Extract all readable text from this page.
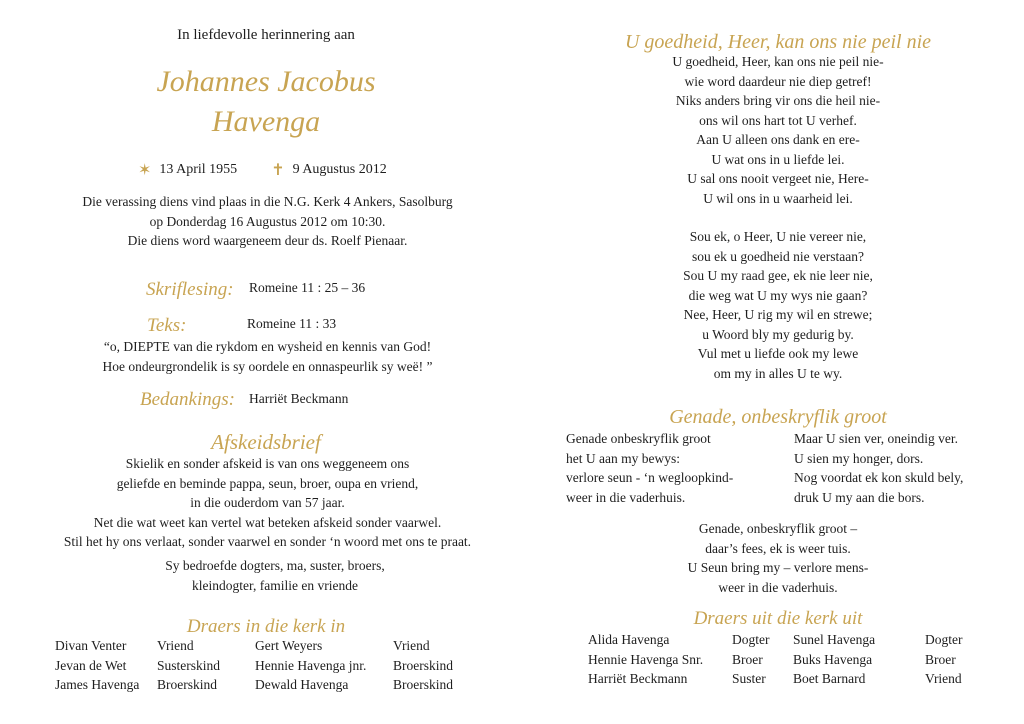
In liefdevolle herinnering aan
Johannes Jacobus
Havenga
✶ 13 April 1955 ✝ 9 Augustus 2012
Die verassing diens vind plaas in die N.G. Kerk 4 Ankers, Sasolburg
op Donderdag 16 Augustus 2012 om 10:30.
Die diens word waargeneem deur ds. Roelf Pienaar.
Skriflesing: Romeine 11 : 25 – 36
Teks:	Romeine 11 : 33
“o, DIEPTE van die rykdom en wysheid en kennis van God!
Hoe ondeurgrondelik is sy oordele en onnaspeurlik sy weë! ”
Bedankings: Harriët Beckmann
Afskeidsbrief
Skielik en sonder afskeid is van ons weggeneem ons
geliefde en beminde pappa, seun, broer, oupa en vriend,
in die ouderdom van 57 jaar.
Net die wat weet kan vertel wat beteken afskeid sonder vaarwel.
Stil het hy ons verlaat, sonder vaarwel en sonder ‘n woord met ons te praat.
Sy bedroefde dogters, ma, suster, broers,
kleindogter, familie en vriende
Draers in die kerk in
Divan Venter	Vriend	Gert Weyers	Vriend
Jevan de Wet	Susterskind	Hennie Havenga jnr.	Broerskind
James Havenga	Broerskind	Dewald Havenga	Broerskind
U goedheid, Heer, kan ons nie peil nie
U goedheid, Heer, kan ons nie peil nie-
wie word daardeur nie diep getref!
Niks anders bring vir ons die heil nie-
ons wil ons hart tot U verhef.
Aan U alleen ons dank en ere-
U wat ons in u liefde lei.
U sal ons nooit vergeet nie, Here-
U wil ons in u waarheid lei.
Sou ek, o Heer, U nie vereer nie,
sou ek u goedheid nie verstaan?
Sou U my raad gee, ek nie leer nie,
die weg wat U my wys nie gaan?
Nee, Heer, U rig my wil en strewe;
u Woord bly my gedurig by.
Vul met u liefde ook my lewe
om my in alles U te wy.
Genade, onbeskryflik groot
Genade onbeskryflik groot
het U aan my bewys:
verlore seun - ‘n wegloopkind-
weer in die vaderhuis.
Maar U sien ver, oneindig ver.
U sien my honger, dors.
Nog voordat ek kon skuld bely,
druk U my aan die bors.
Genade, onbeskryflik groot –
daar’s fees, ek is weer tuis.
U Seun bring my – verlore mens-
weer in die vaderhuis.
Draers uit die kerk uit
Alida Havenga	Dogter	Sunel Havenga	Dogter
Hennie Havenga Snr.	Broer	Buks Havenga	Broer
Harriët Beckmann	Suster	Boet Barnard	Vriend
